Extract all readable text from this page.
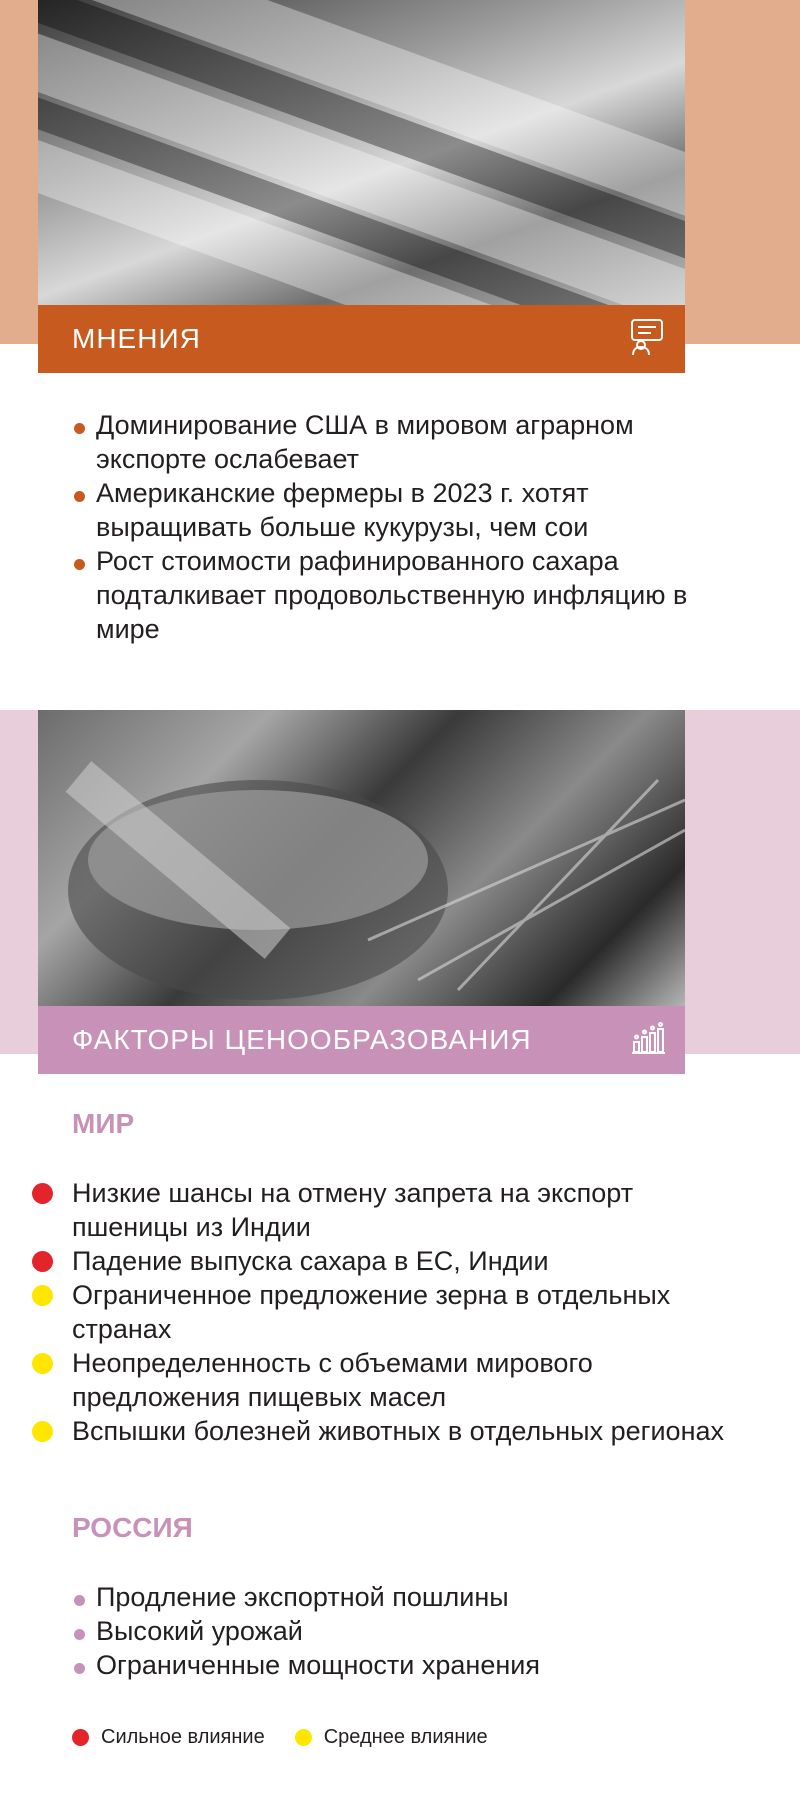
МНЕНИЯ
Доминирование США в мировом аграрном экспорте ослабевает
Американские фермеры в 2023 г. хотят выращивать больше кукурузы, чем сои
Рост стоимости рафинированного сахара подталкивает продовольственную инфляцию в мире
ФАКТОРЫ ЦЕНООБРАЗОВАНИЯ
МИР
Низкие шансы на отмену запрета на экспорт пшеницы из Индии
Падение выпуска сахара в ЕС, Индии
Ограниченное предложение зерна в отдельных странах
Неопределенность с объемами мирового предложения пищевых масел
Вспышки болезней животных в отдельных регионах
РОССИЯ
Продление экспортной пошлины
Высокий урожай
Ограниченные мощности хранения
Сильное влияние	Среднее влияние
